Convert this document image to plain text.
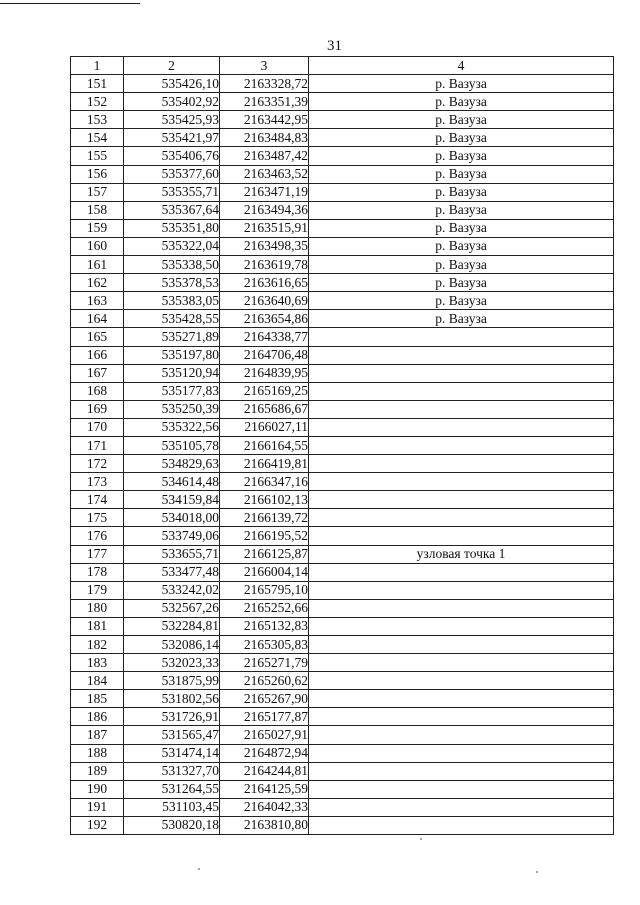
31
1	2	3	4
151	535426,10	2163328,72	р. Вазуза
152	535402,92	2163351,39	р. Вазуза
153	535425,93	2163442,95	р. Вазуза
154	535421,97	2163484,83	р. Вазуза
155	535406,76	2163487,42	р. Вазуза
156	535377,60	2163463,52	р. Вазуза
157	535355,71	2163471,19	р. Вазуза
158	535367,64	2163494,36	р. Вазуза
159	535351,80	2163515,91	р. Вазуза
160	535322,04	2163498,35	р. Вазуза
161	535338,50	2163619,78	р. Вазуза
162	535378,53	2163616,65	р. Вазуза
163	535383,05	2163640,69	р. Вазуза
164	535428,55	2163654,86	р. Вазуза
165	535271,89	2164338,77	
166	535197,80	2164706,48	
167	535120,94	2164839,95	
168	535177,83	2165169,25	
169	535250,39	2165686,67	
170	535322,56	2166027,11	
171	535105,78	2166164,55	
172	534829,63	2166419,81	
173	534614,48	2166347,16	
174	534159,84	2166102,13	
175	534018,00	2166139,72	
176	533749,06	2166195,52	
177	533655,71	2166125,87	узловая точка 1
178	533477,48	2166004,14	
179	533242,02	2165795,10	
180	532567,26	2165252,66	
181	532284,81	2165132,83	
182	532086,14	2165305,83	
183	532023,33	2165271,79	
184	531875,99	2165260,62	
185	531802,56	2165267,90	
186	531726,91	2165177,87	
187	531565,47	2165027,91	
188	531474,14	2164872,94	
189	531327,70	2164244,81	
190	531264,55	2164125,59	
191	531103,45	2164042,33	
192	530820,18	2163810,80	
